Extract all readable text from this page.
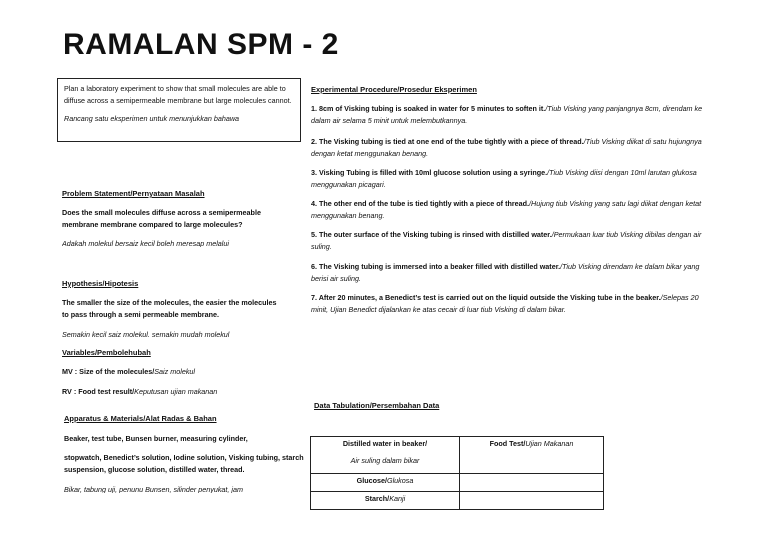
RAMALAN SPM - 2
Plan a laboratory experiment to show that small molecules are able to diffuse across a semipermeable membrane but large molecules cannot.
Rancang satu eksperimen untuk menunjukkan bahawa
Problem Statement/Pernyataan Masalah
Does the small molecules diffuse across a semipermeable membrane membrane compared to large molecules?
Adakah molekul bersaiz kecil boleh meresap melalui
Hypothesis/Hipotesis
The smaller the size of the molecules, the easier the molecules to pass through a semi permeable membrane.
Semakin kecil saiz molekul, semakin mudah molekul
Variables/Pembolehubah
MV : Size of the molecules/Saiz molekul
RV : Food test result/Keputusan ujian makanan
Apparatus & Materials/Alat Radas & Bahan
Beaker, test tube, Bunsen burner, measuring cylinder,
stopwatch, Benedict’s solution, Iodine solution, Visking tubing, starch suspension, glucose solution, distilled water, thread.
Bikar, tabung uji, penunu Bunsen, silinder penyukat, jam
Experimental Procedure/Prosedur Eksperimen
1. 8cm of Visking tubing is soaked in water for 5 minutes to soften it./Tiub Visking yang panjangnya 8cm, direndam ke dalam air selama 5 minit untuk melembutkannya.
2. The Visking tubing is tied at one end of the tube tightly with a piece of thread./Tiub Visking diikat di satu hujungnya dengan ketat menggunakan benang.
3. Visking Tubing is filled with 10ml glucose solution using a syringe./Tiub Visking diisi dengan 10ml larutan glukosa menggunakan picagari.
4. The other end of the tube is tied tightly with a piece of thread./Hujung tiub Visking yang satu lagi diikat dengan ketat menggunakan benang.
5. The outer surface of the Visking tubing is rinsed with distilled water./Permukaan luar tiub Visking dibilas dengan air suling.
6. The Visking tubing is immersed into a beaker filled with distilled water./Tiub Visking direndam ke dalam bikar yang berisi air suling.
7. After 20 minutes, a Benedict’s test is carried out on the liquid outside the Visking tube in the beaker./Selepas 20 minit, Ujian Benedict dijalankan ke atas cecair di luar tiub Visking di dalam bikar.
Data Tabulation/Persembahan Data
Distilled water in beaker/
Air suling dalam bikar	Food Test/Ujian Makanan
Glucose/Glukosa	
Starch/Kanji	
